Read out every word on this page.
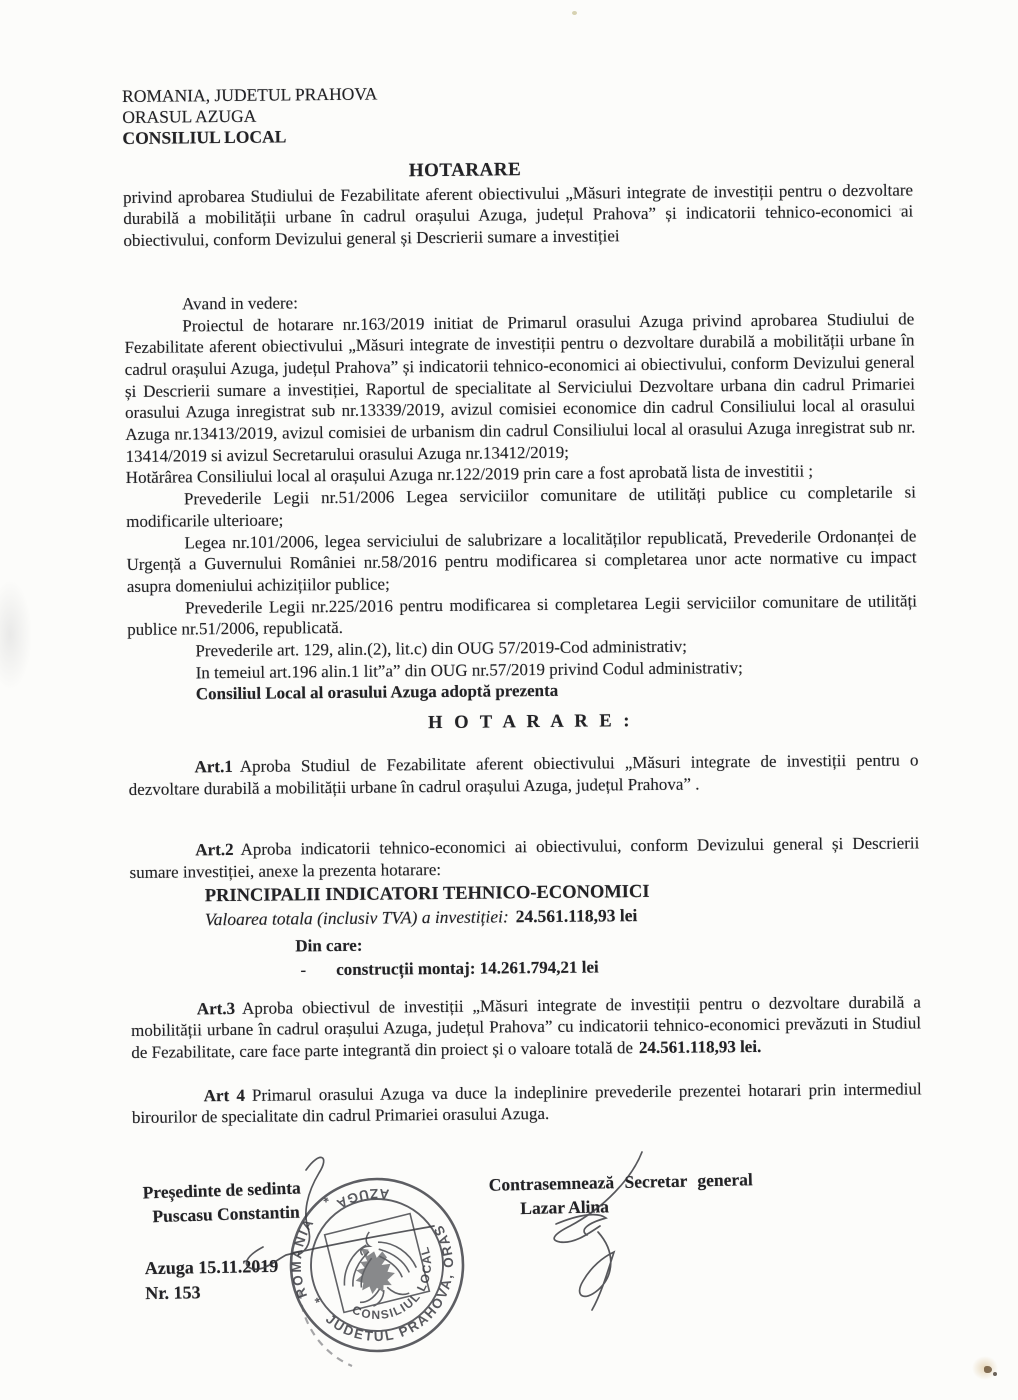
ROMANIA, JUDETUL PRAHOVA
ORASUL AZUGA
CONSILIUL LOCAL
HOTARARE
privind aprobarea Studiului de Fezabilitate aferent obiectivului „Măsuri integrate de investiții pentru o dezvoltare durabilă a mobilității urbane în cadrul orașului Azuga, județul Prahova” și indicatorii tehnico-economici ai obiectivului, conform Devizului general și Descrierii sumare a investiției

Avand in vedere:

Proiectul de hotarare nr.163/2019 initiat de Primarul orasului Azuga privind aprobarea Studiului de Fezabilitate aferent obiectivului „Măsuri integrate de investiții pentru o dezvoltare durabilă a mobilității urbane în cadrul orașului Azuga, județul Prahova” și indicatorii tehnico-economici ai obiectivului, conform Devizului general și Descrierii sumare a investiției, Raportul de specialitate al Serviciului Dezvoltare urbana din cadrul Primariei orasului Azuga inregistrat sub nr.13339/2019, avizul comisiei economice din cadrul Consiliului local al orasului Azuga nr.13413/2019, avizul comisiei de urbanism din cadrul Consiliului local al orasului Azuga inregistrat sub nr. 13414/2019 si avizul Secretarului orasului Azuga nr.13412/2019;

Hotărârea Consiliului local al orașului Azuga nr.122/2019 prin care a fost aprobată lista de investitii ;

Prevederile Legii nr.51/2006 Legea serviciilor comunitare de utilități publice cu completarile si modificarile ulterioare;

Legea nr.101/2006, legea serviciului de salubrizare a localităților republicată, Prevederile Ordonanței de Urgență a Guvernului României nr.58/2016 pentru modificarea si completarea unor acte normative cu impact asupra domeniului achizițiilor publice;

Prevederile Legii nr.225/2016 pentru modificarea si completarea Legii serviciilor comunitare de utilități publice nr.51/2006, republicată.

Prevederile art. 129, alin.(2), lit.c) din OUG 57/2019-Cod administrativ;

In temeiul art.196 alin.1 lit”a” din OUG nr.57/2019 privind Codul administrativ;

Consiliul Local al orasului Azuga adoptă prezenta

H O T A R A R E :

Art.1 Aproba Studiul de Fezabilitate aferent obiectivului „Măsuri integrate de investiții pentru o dezvoltare durabilă a mobilității urbane în cadrul orașului Azuga, județul Prahova” .

Art.2 Aproba indicatorii tehnico-economici ai obiectivului, conform Devizului general și Descrierii sumare investiției, anexe la prezenta hotarare:

PRINCIPALII INDICATORI TEHNICO-ECONOMICI
Valoarea totala (inclusiv TVA) a investiției: 24.561.118,93 lei
Din care:
- construcții montaj: 14.261.794,21 lei

Art.3 Aproba obiectivul de investiții „Măsuri integrate de investiții pentru o dezvoltare durabilă a mobilității urbane în cadrul orașului Azuga, județul Prahova” cu indicatorii tehnico-economici prevăzuti in Studiul de Fezabilitate, care face parte integrantă din proiect și o valoare totală de 24.561.118,93 lei.

Art 4 Primarul orasului Azuga va duce la indeplinire prevederile prezentei hotarari prin intermediul birourilor de specialitate din cadrul Primariei orasului Azuga.

Președinte de sedinta
Puscasu Constantin
Contrasemnează Secretar general
Lazar Alina
Azuga 15.11.2019
Nr. 153	ROMANIA
*
*
JUDETUL PRAHOVA, ORAS
AZUGA
CONSILIUL LOCAL
